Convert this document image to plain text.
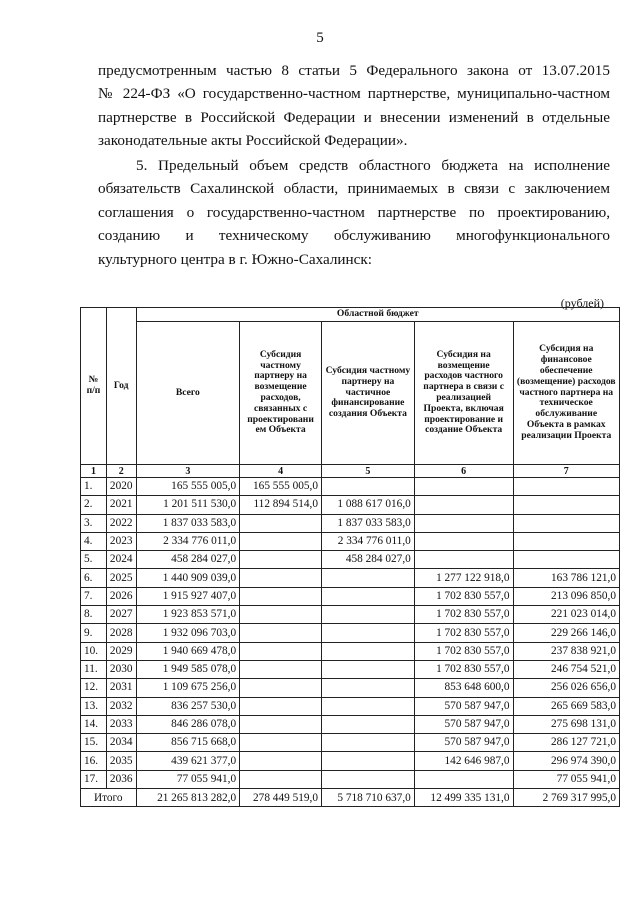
5
предусмотренным частью 8 статьи 5 Федерального закона от 13.07.2015
№ 224-ФЗ «О государственно-частном партнерстве, муниципально-частном
партнерстве в Российской Федерации и внесении изменений в отдельные
законодательные акты Российской Федерации».
5. Предельный объем средств областного бюджета на исполнение
обязательств Сахалинской области, принимаемых в связи с заключением
соглашения о государственно-частном партнерстве по проектированию,
созданию и техническому обслуживанию многофункционального
культурного центра в г. Южно-Сахалинск:
(рублей)
№ п/п	Год	Областной бюджет				
		Всего	Субсидия частному партнеру на возмещение расходов, связанных с проектировани ем Объекта	Субсидия частному партнеру на частичное финансирование создания Объекта	Субсидия на возмещение расходов частного партнера в связи с реализацией Проекта, включая проектирование и создание Объекта	Субсидия на финансовое обеспечение (возмещение) расходов частного партнера на техническое обслуживание Объекта в рамках реализации Проекта
1	2	3	4	5	6	7
1.	2020	165 555 005,0	165 555 005,0			
2.	2021	1 201 511 530,0	112 894 514,0	1 088 617 016,0		
3.	2022	1 837 033 583,0		1 837 033 583,0		
4.	2023	2 334 776 011,0		2 334 776 011,0		
5.	2024	458 284 027,0		458 284 027,0		
6.	2025	1 440 909 039,0			1 277 122 918,0	163 786 121,0
7.	2026	1 915 927 407,0			1 702 830 557,0	213 096 850,0
8.	2027	1 923 853 571,0			1 702 830 557,0	221 023 014,0
9.	2028	1 932 096 703,0			1 702 830 557,0	229 266 146,0
10.	2029	1 940 669 478,0			1 702 830 557,0	237 838 921,0
11.	2030	1 949 585 078,0			1 702 830 557,0	246 754 521,0
12.	2031	1 109 675 256,0			853 648 600,0	256 026 656,0
13.	2032	836 257 530,0			570 587 947,0	265 669 583,0
14.	2033	846 286 078,0			570 587 947,0	275 698 131,0
15.	2034	856 715 668,0			570 587 947,0	286 127 721,0
16.	2035	439 621 377,0			142 646 987,0	296 974 390,0
17.	2036	77 055 941,0				77 055 941,0
Итого		21 265 813 282,0	278 449 519,0	5 718 710 637,0	12 499 335 131,0	2 769 317 995,0
